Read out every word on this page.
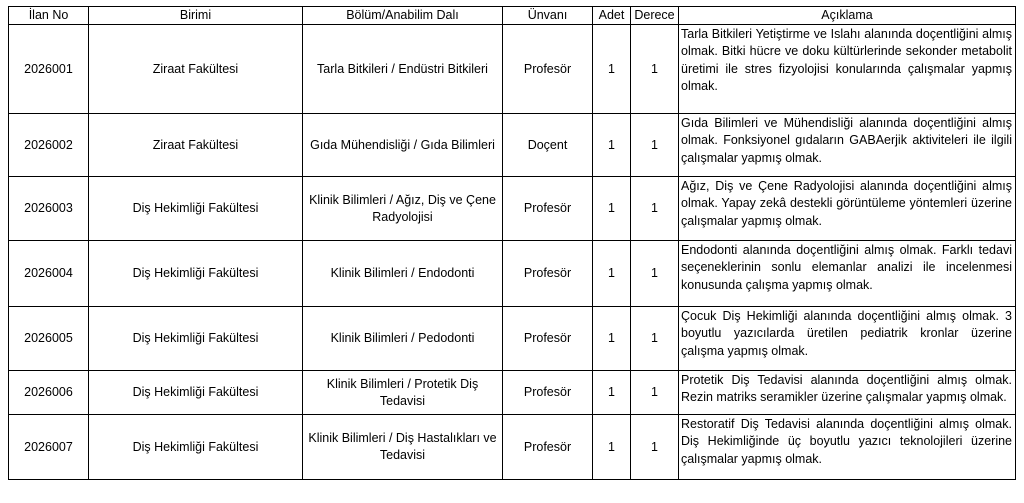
İlan No	Birimi	Bölüm/Anabilim Dalı	Ünvanı	Adet	Derece	Açıklama
2026001	Ziraat Fakültesi	Tarla Bitkileri / Endüstri Bitkileri	Profesör	1	1	Tarla Bitkileri Yetiştirme ve Islahı alanında doçentliğini almış olmak. Bitki hücre ve doku kültürlerinde sekonder metabolit üretimi ile stres fizyolojisi konularında çalışmalar yapmış olmak.
2026002	Ziraat Fakültesi	Gıda Mühendisliği / Gıda Bilimleri	Doçent	1	1	Gıda Bilimleri ve Mühendisliği alanında doçentliğini almış olmak. Fonksiyonel gıdaların GABAerjik aktiviteleri ile ilgili çalışmalar yapmış olmak.
2026003	Diş Hekimliği Fakültesi	Klinik Bilimleri / Ağız, Diş ve Çene Radyolojisi	Profesör	1	1	Ağız, Diş ve Çene Radyolojisi alanında doçentliğini almış olmak. Yapay zekâ destekli görüntüleme yöntemleri üzerine çalışmalar yapmış olmak.
2026004	Diş Hekimliği Fakültesi	Klinik Bilimleri / Endodonti	Profesör	1	1	Endodonti alanında doçentliğini almış olmak. Farklı tedavi seçeneklerinin sonlu elemanlar analizi ile incelenmesi konusunda çalışma yapmış olmak.
2026005	Diş Hekimliği Fakültesi	Klinik Bilimleri / Pedodonti	Profesör	1	1	Çocuk Diş Hekimliği alanında doçentliğini almış olmak. 3 boyutlu yazıcılarda üretilen pediatrik kronlar üzerine çalışma yapmış olmak.
2026006	Diş Hekimliği Fakültesi	Klinik Bilimleri / Protetik Diş Tedavisi	Profesör	1	1	Protetik Diş Tedavisi alanında doçentliğini almış olmak. Rezin matriks seramikler üzerine çalışmalar yapmış olmak.
2026007	Diş Hekimliği Fakültesi	Klinik Bilimleri / Diş Hastalıkları ve Tedavisi	Profesör	1	1	Restoratif Diş Tedavisi alanında doçentliğini almış olmak. Diş Hekimliğinde üç boyutlu yazıcı teknolojileri üzerine çalışmalar yapmış olmak.
